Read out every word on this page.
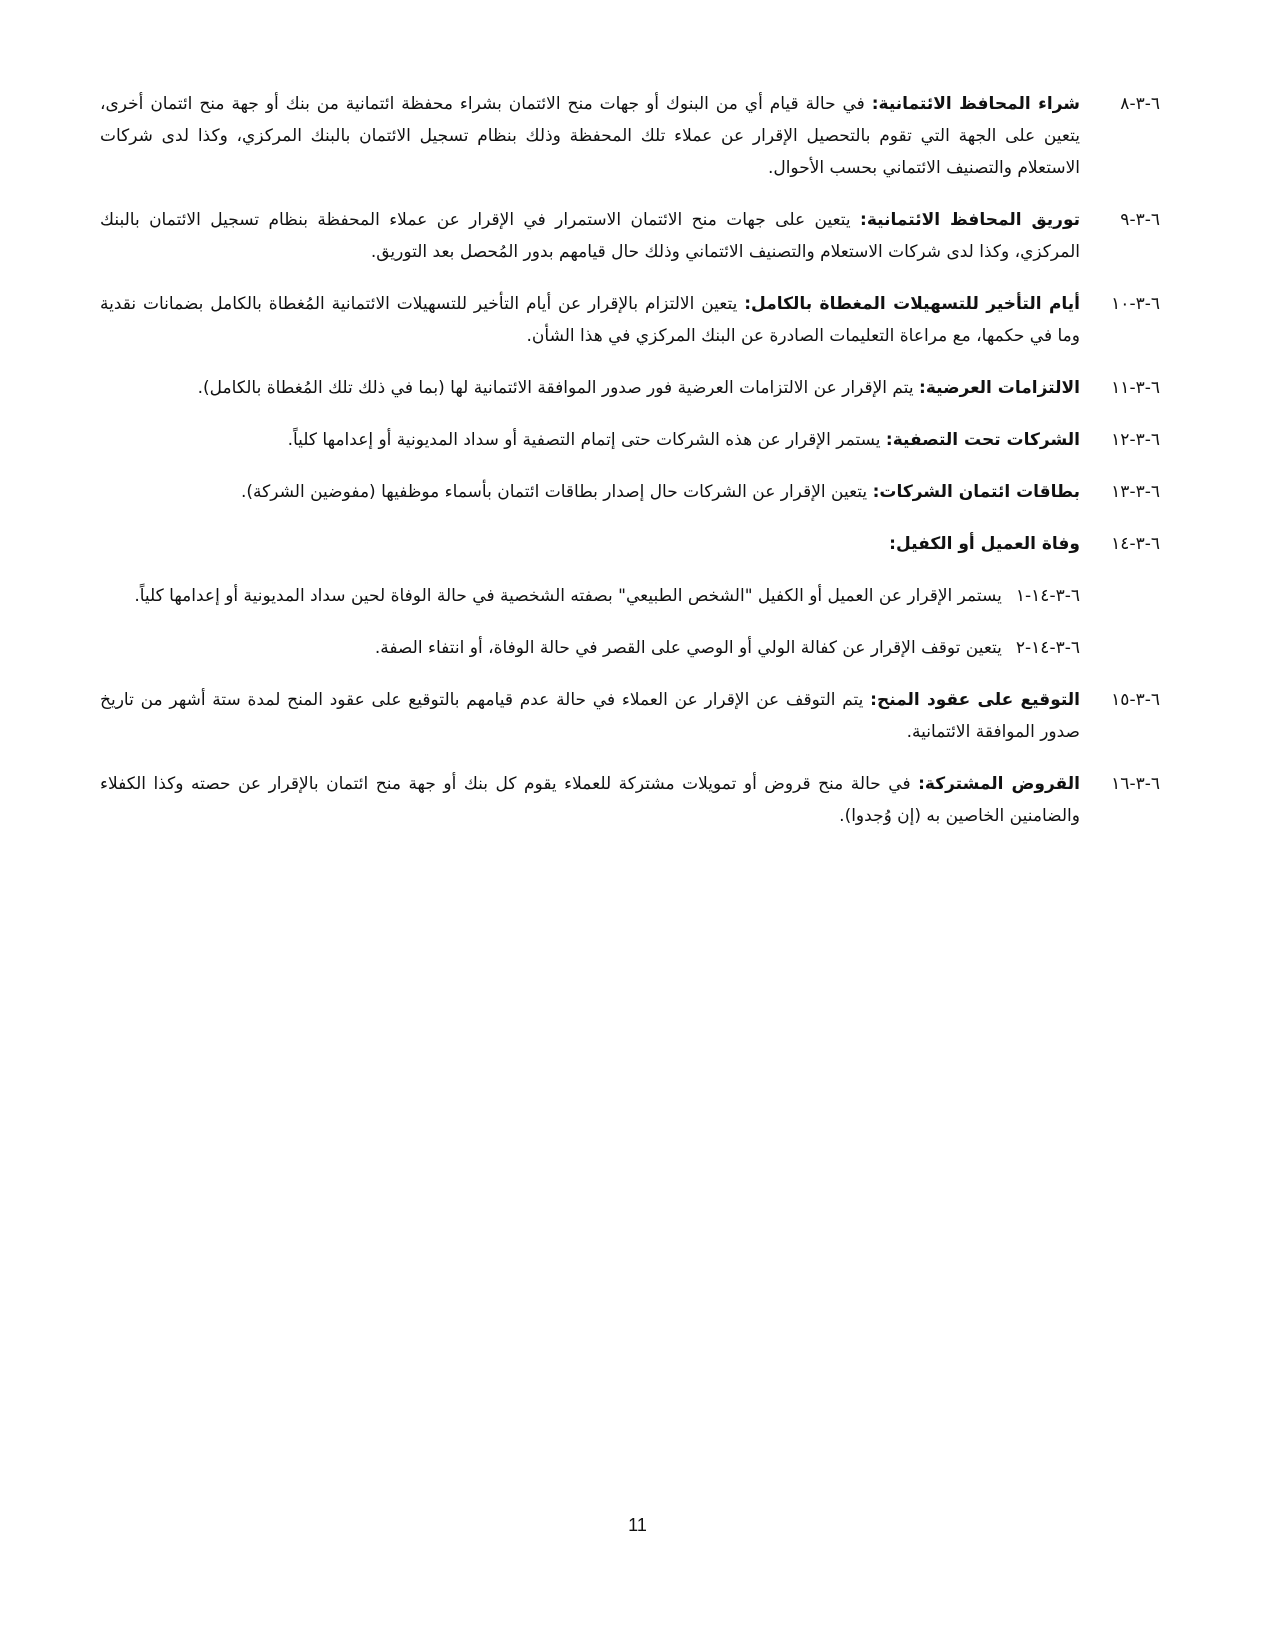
٦-٣-٨
شراء المحافظ الائتمانية: في حالة قيام أي من البنوك أو جهات منح الائتمان بشراء محفظة ائتمانية من بنك أو جهة منح ائتمان أخرى، يتعين على الجهة التي تقوم بالتحصيل الإقرار عن عملاء تلك المحفظة وذلك بنظام تسجيل الائتمان بالبنك المركزي، وكذا لدى شركات الاستعلام والتصنيف الائتماني بحسب الأحوال.
٦-٣-٩
توريق المحافظ الائتمانية: يتعين على جهات منح الائتمان الاستمرار في الإقرار عن عملاء المحفظة بنظام تسجيل الائتمان بالبنك المركزي، وكذا لدى شركات الاستعلام والتصنيف الائتماني وذلك حال قيامهم بدور المُحصل بعد التوريق.
٦-٣-١٠
أيام التأخير للتسهيلات المغطاة بالكامل: يتعين الالتزام بالإقرار عن أيام التأخير للتسهيلات الائتمانية المُغطاة بالكامل بضمانات نقدية وما في حكمها، مع مراعاة التعليمات الصادرة عن البنك المركزي في هذا الشأن.
٦-٣-١١
الالتزامات العرضية: يتم الإقرار عن الالتزامات العرضية فور صدور الموافقة الائتمانية لها (بما في ذلك تلك المُغطاة بالكامل).
٦-٣-١٢
الشركات تحت التصفية: يستمر الإقرار عن هذه الشركات حتى إتمام التصفية أو سداد المديونية أو إعدامها كلياً.
٦-٣-١٣
بطاقات ائتمان الشركات: يتعين الإقرار عن الشركات حال إصدار بطاقات ائتمان بأسماء موظفيها (مفوضين الشركة).
٦-٣-١٤
وفاة العميل أو الكفيل:
٦-٣-١٤-١يستمر الإقرار عن العميل أو الكفيل "الشخص الطبيعي" بصفته الشخصية في حالة الوفاة لحين سداد المديونية أو إعدامها كلياً.
٦-٣-١٤-٢يتعين توقف الإقرار عن كفالة الولي أو الوصي على القصر في حالة الوفاة، أو انتفاء الصفة.
٦-٣-١٥
التوقيع على عقود المنح: يتم التوقف عن الإقرار عن العملاء في حالة عدم قيامهم بالتوقيع على عقود المنح لمدة ستة أشهر من تاريخ صدور الموافقة الائتمانية.
٦-٣-١٦
القروض المشتركة: في حالة منح قروض أو تمويلات مشتركة للعملاء يقوم كل بنك أو جهة منح ائتمان بالإقرار عن حصته وكذا الكفلاء والضامنين الخاصين به (إن وُجدوا).
11
